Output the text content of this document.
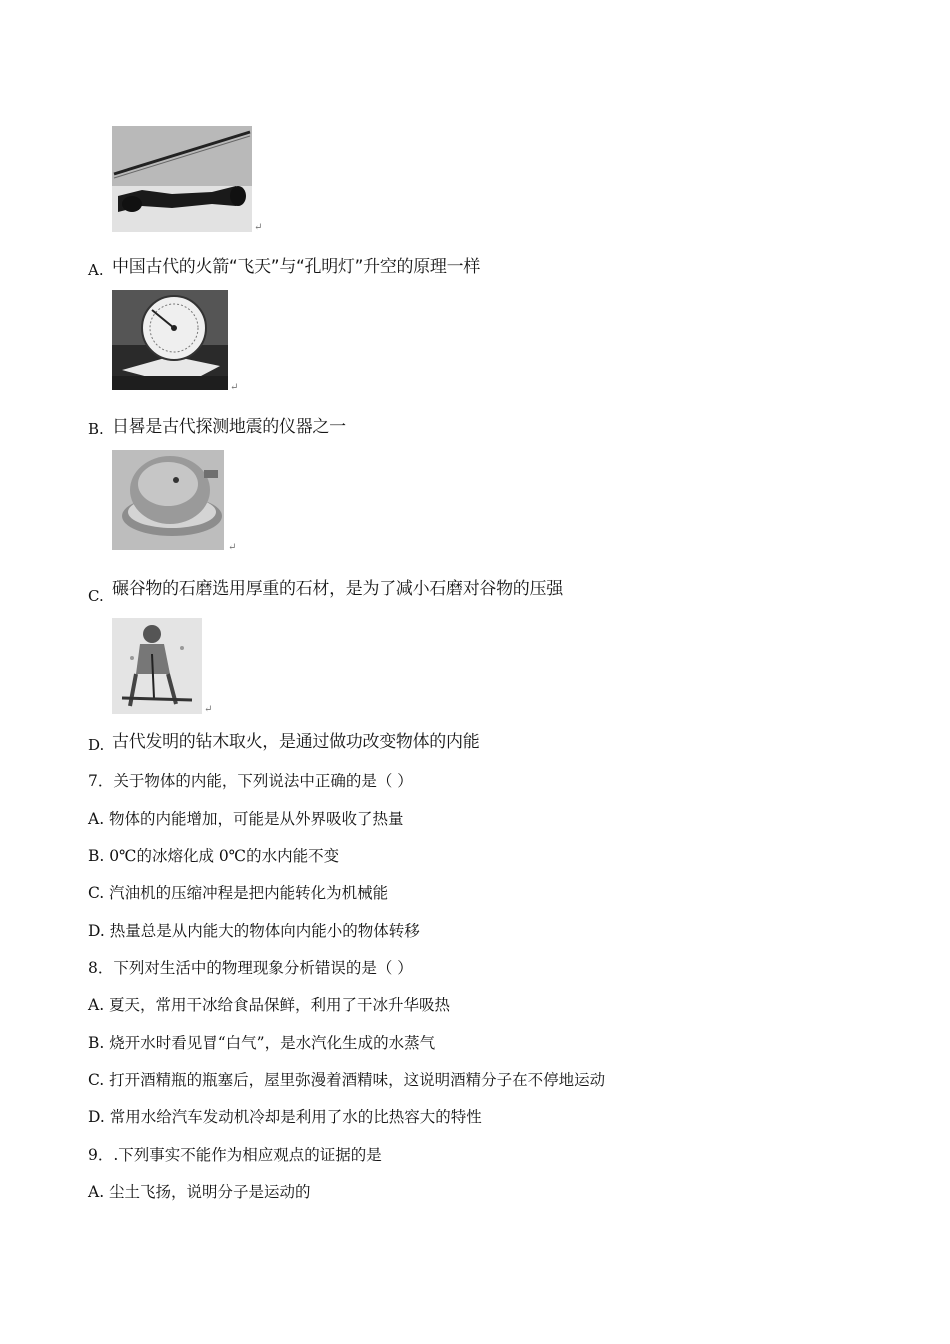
↵
A. 中国古代的火箭“飞天”与“孔明灯”升空的原理一样
↵
B. 日晷是古代探测地震的仪器之一
↵
C. 碾谷物的石磨选用厚重的石材，是为了减小石磨对谷物的压强
↵
D. 古代发明的钻木取火，是通过做功改变物体的内能
7．关于物体的内能，下列说法中正确的是（ ）
A. 物体的内能增加，可能是从外界吸收了热量
B. 0℃的冰熔化成 0℃的水内能不变
C. 汽油机的压缩冲程是把内能转化为机械能
D. 热量总是从内能大的物体向内能小的物体转移
8．下列对生活中的物理现象分析错误的是（ ）
A. 夏天，常用干冰给食品保鲜，利用了干冰升华吸热
B. 烧开水时看见冒“白气”，是水汽化生成的水蒸气
C. 打开酒精瓶的瓶塞后，屋里弥漫着酒精味，这说明酒精分子在不停地运动
D. 常用水给汽车发动机冷却是利用了水的比热容大的特性
9．.下列事实不能作为相应观点的证据的是
A. 尘土飞扬，说明分子是运动的
